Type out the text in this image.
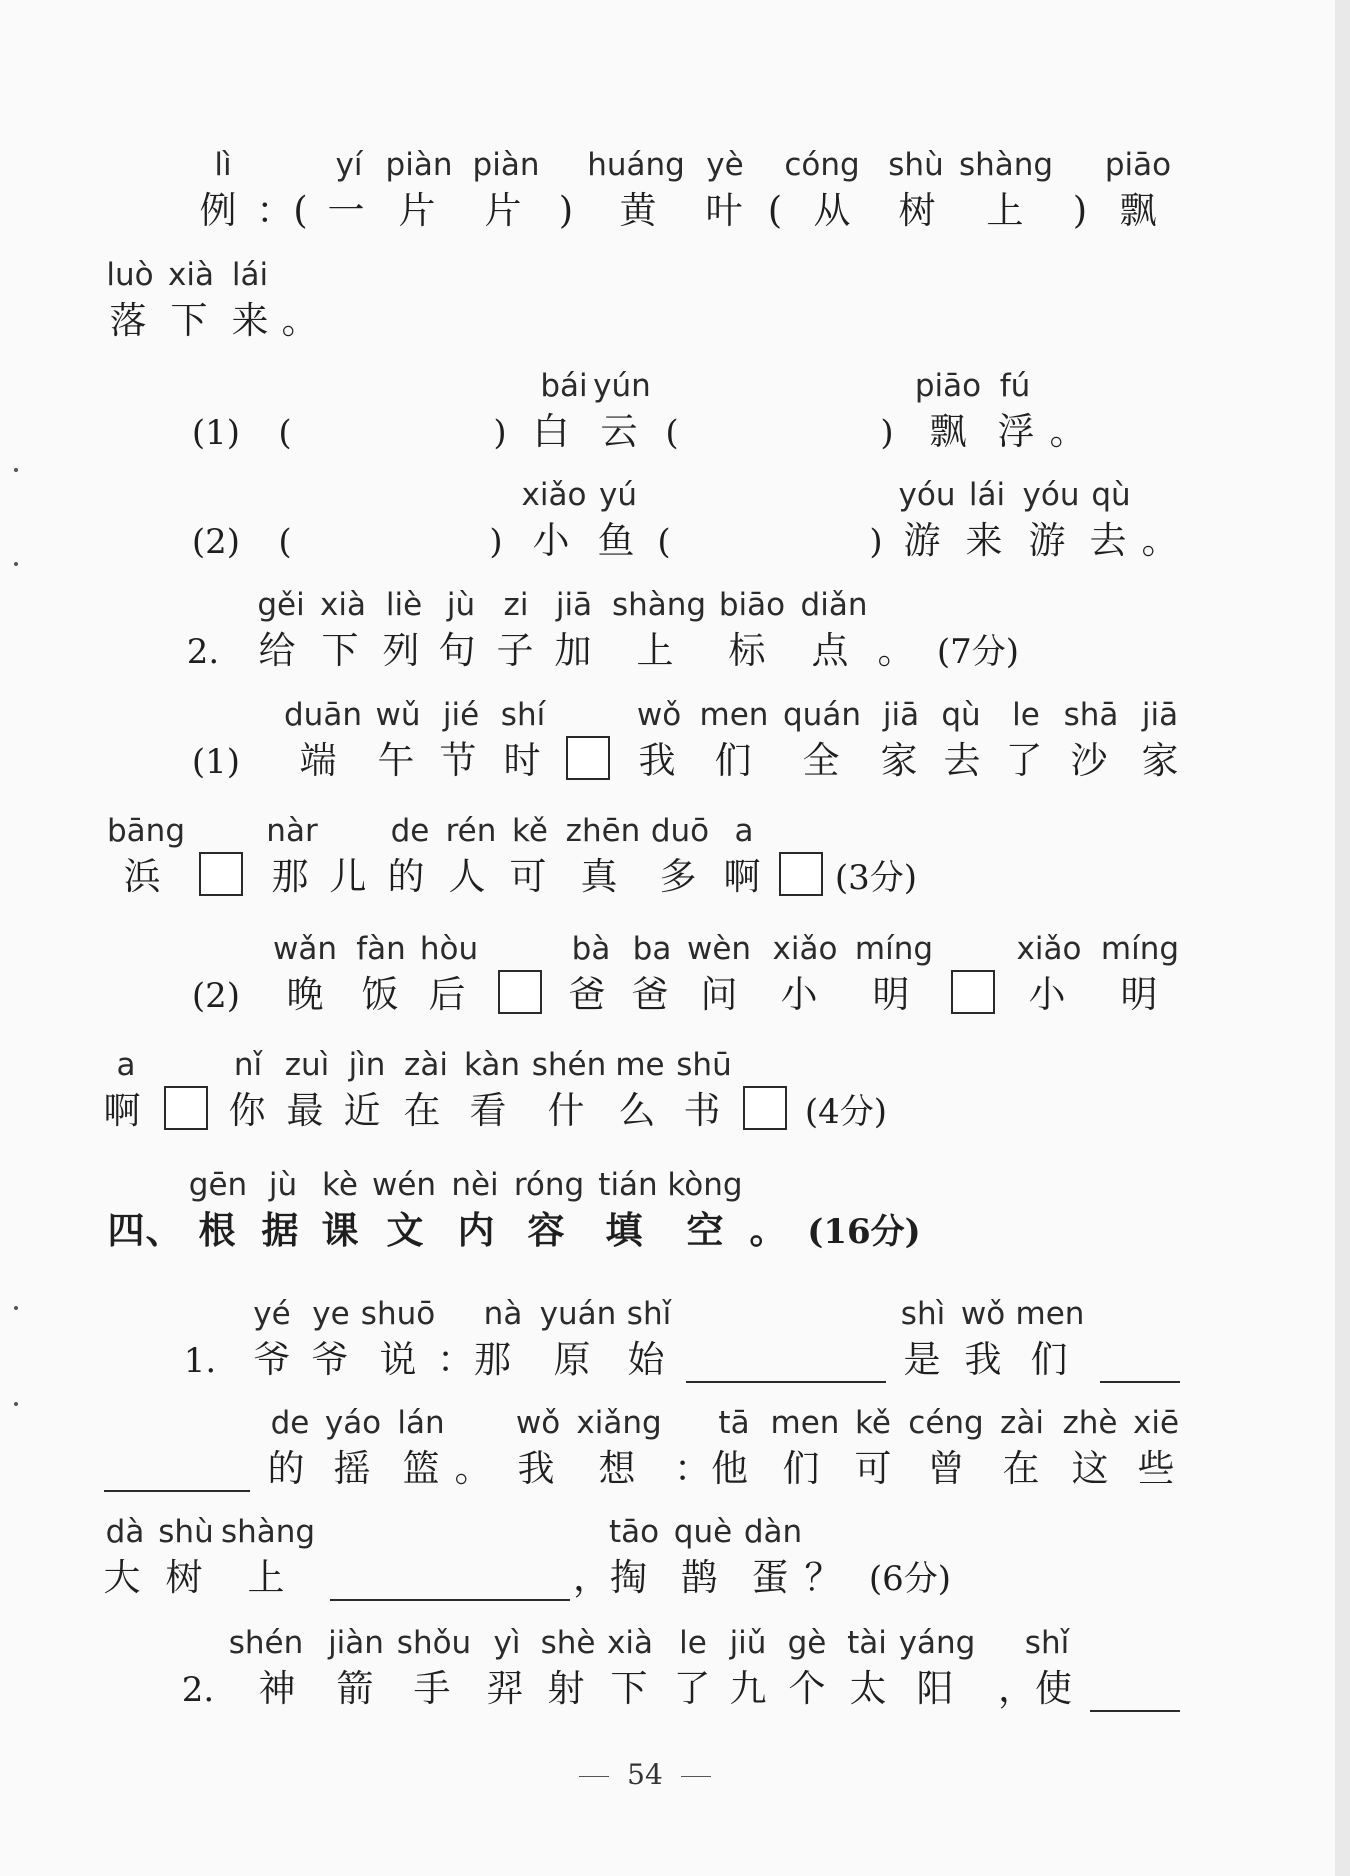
lì	yí piàn piàn huáng yè cóng shù shàng piāo
例 ：( 一 片 片 ) 黄 叶 ( 从 树 上 ) 飘
luò xià lái
落 下 来 。
bái yún	piāo fú
(1) (	) 白 云 (	) 飘 浮 。
xiǎo yú	yóu lái yóu qù
(2) (	) 小 鱼 (	) 游 来 游 去 。
gěi xià liè jù zi jiā shàng biāo diǎn
2. 给 下 列 句 子 加 上 标 点 。 (7分)
duān wǔ jié shí	wǒ men quán jiā qù le shā jiā
(1) 端 午 节 时	我 们 全 家 去 了 沙 家
bāng	nàr de rén kě zhēn duō a
浜	那 儿 的 人 可 真 多 啊 (3分)
wǎn fàn hòu	bà ba wèn xiǎo míng	xiǎo míng
(2) 晚 饭 后	爸 爸 问 小 明	小 明
a	nǐ zuì jìn zài kàn shén me shū
啊 你 最 近 在 看 什 么 书 (4分)
gēn jù kè wén nèi róng tián kòng
四 、 根 据 课 文 内 容 填 空 。 (16分)
yé ye shuō nà yuán shǐ	shì wǒ men
1. 爷 爷 说 ：那 原 始	是 我 们
de yáo lán wǒ xiǎng tā men kě céng zài zhè xiē
的 摇 篮 。 我 想 ：他 们 可 曾 在 这 些
dà shù shàng	tāo què dàn
大 树 上	，掏 鹊 蛋 ？ (6分)
shén jiàn shǒu yì shè xià le jiǔ gè tài yáng shǐ
2. 神 箭 手 羿 射 下 了 九 个 太 阳 ，使
54
